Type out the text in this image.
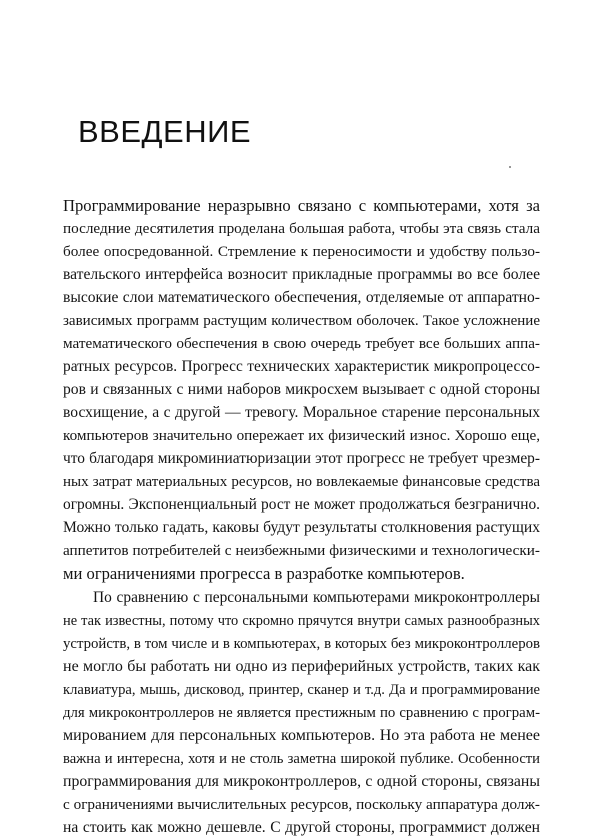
ВВЕДЕНИЕ

Программирование неразрывно связано с компьютерами, хотя за

последние десятилетия проделана большая работа, чтобы эта связь стала

более опосредованной. Стремление к переносимости и удобству пользо-

вательского интерфейса возносит прикладные программы во все более

высокие слои математического обеспечения, отделяемые от аппаратно-

зависимых программ растущим количеством оболочек. Такое усложнение

математического обеспечения в свою очередь требует все больших аппа-

ратных ресурсов. Прогресс технических характеристик микропроцессо-

ров и связанных с ними наборов микросхем вызывает с одной стороны

восхищение, а с другой — тревогу. Моральное старение персональных

компьютеров значительно опережает их физический износ. Хорошо еще,

что благодаря микроминиатюризации этот прогресс не требует чрезмер-

ных затрат материальных ресурсов, но вовлекаемые финансовые средства

огромны. Экспоненциальный рост не может продолжаться безгранично.

Можно только гадать, каковы будут результаты столкновения растущих

аппетитов потребителей с неизбежными физическими и технологически-

ми ограничениями прогресса в разработке компьютеров.

По сравнению с персональными компьютерами микроконтроллеры

не так известны, потому что скромно прячутся внутри самых разнообразных

устройств, в том числе и в компьютерах, в которых без микроконтроллеров

не могло бы работать ни одно из периферийных устройств, таких как

клавиатура, мышь, дисковод, принтер, сканер и т.д. Да и программирование

для микроконтроллеров не является престижным по сравнению с програм-

мированием для персональных компьютеров. Но эта работа не менее

важна и интересна, хотя и не столь заметна широкой публике. Особенности

программирования для микроконтроллеров, с одной стороны, связаны

с ограничениями вычислительных ресурсов, поскольку аппаратура долж-

на стоить как можно дешевле. С другой стороны, программист должен
